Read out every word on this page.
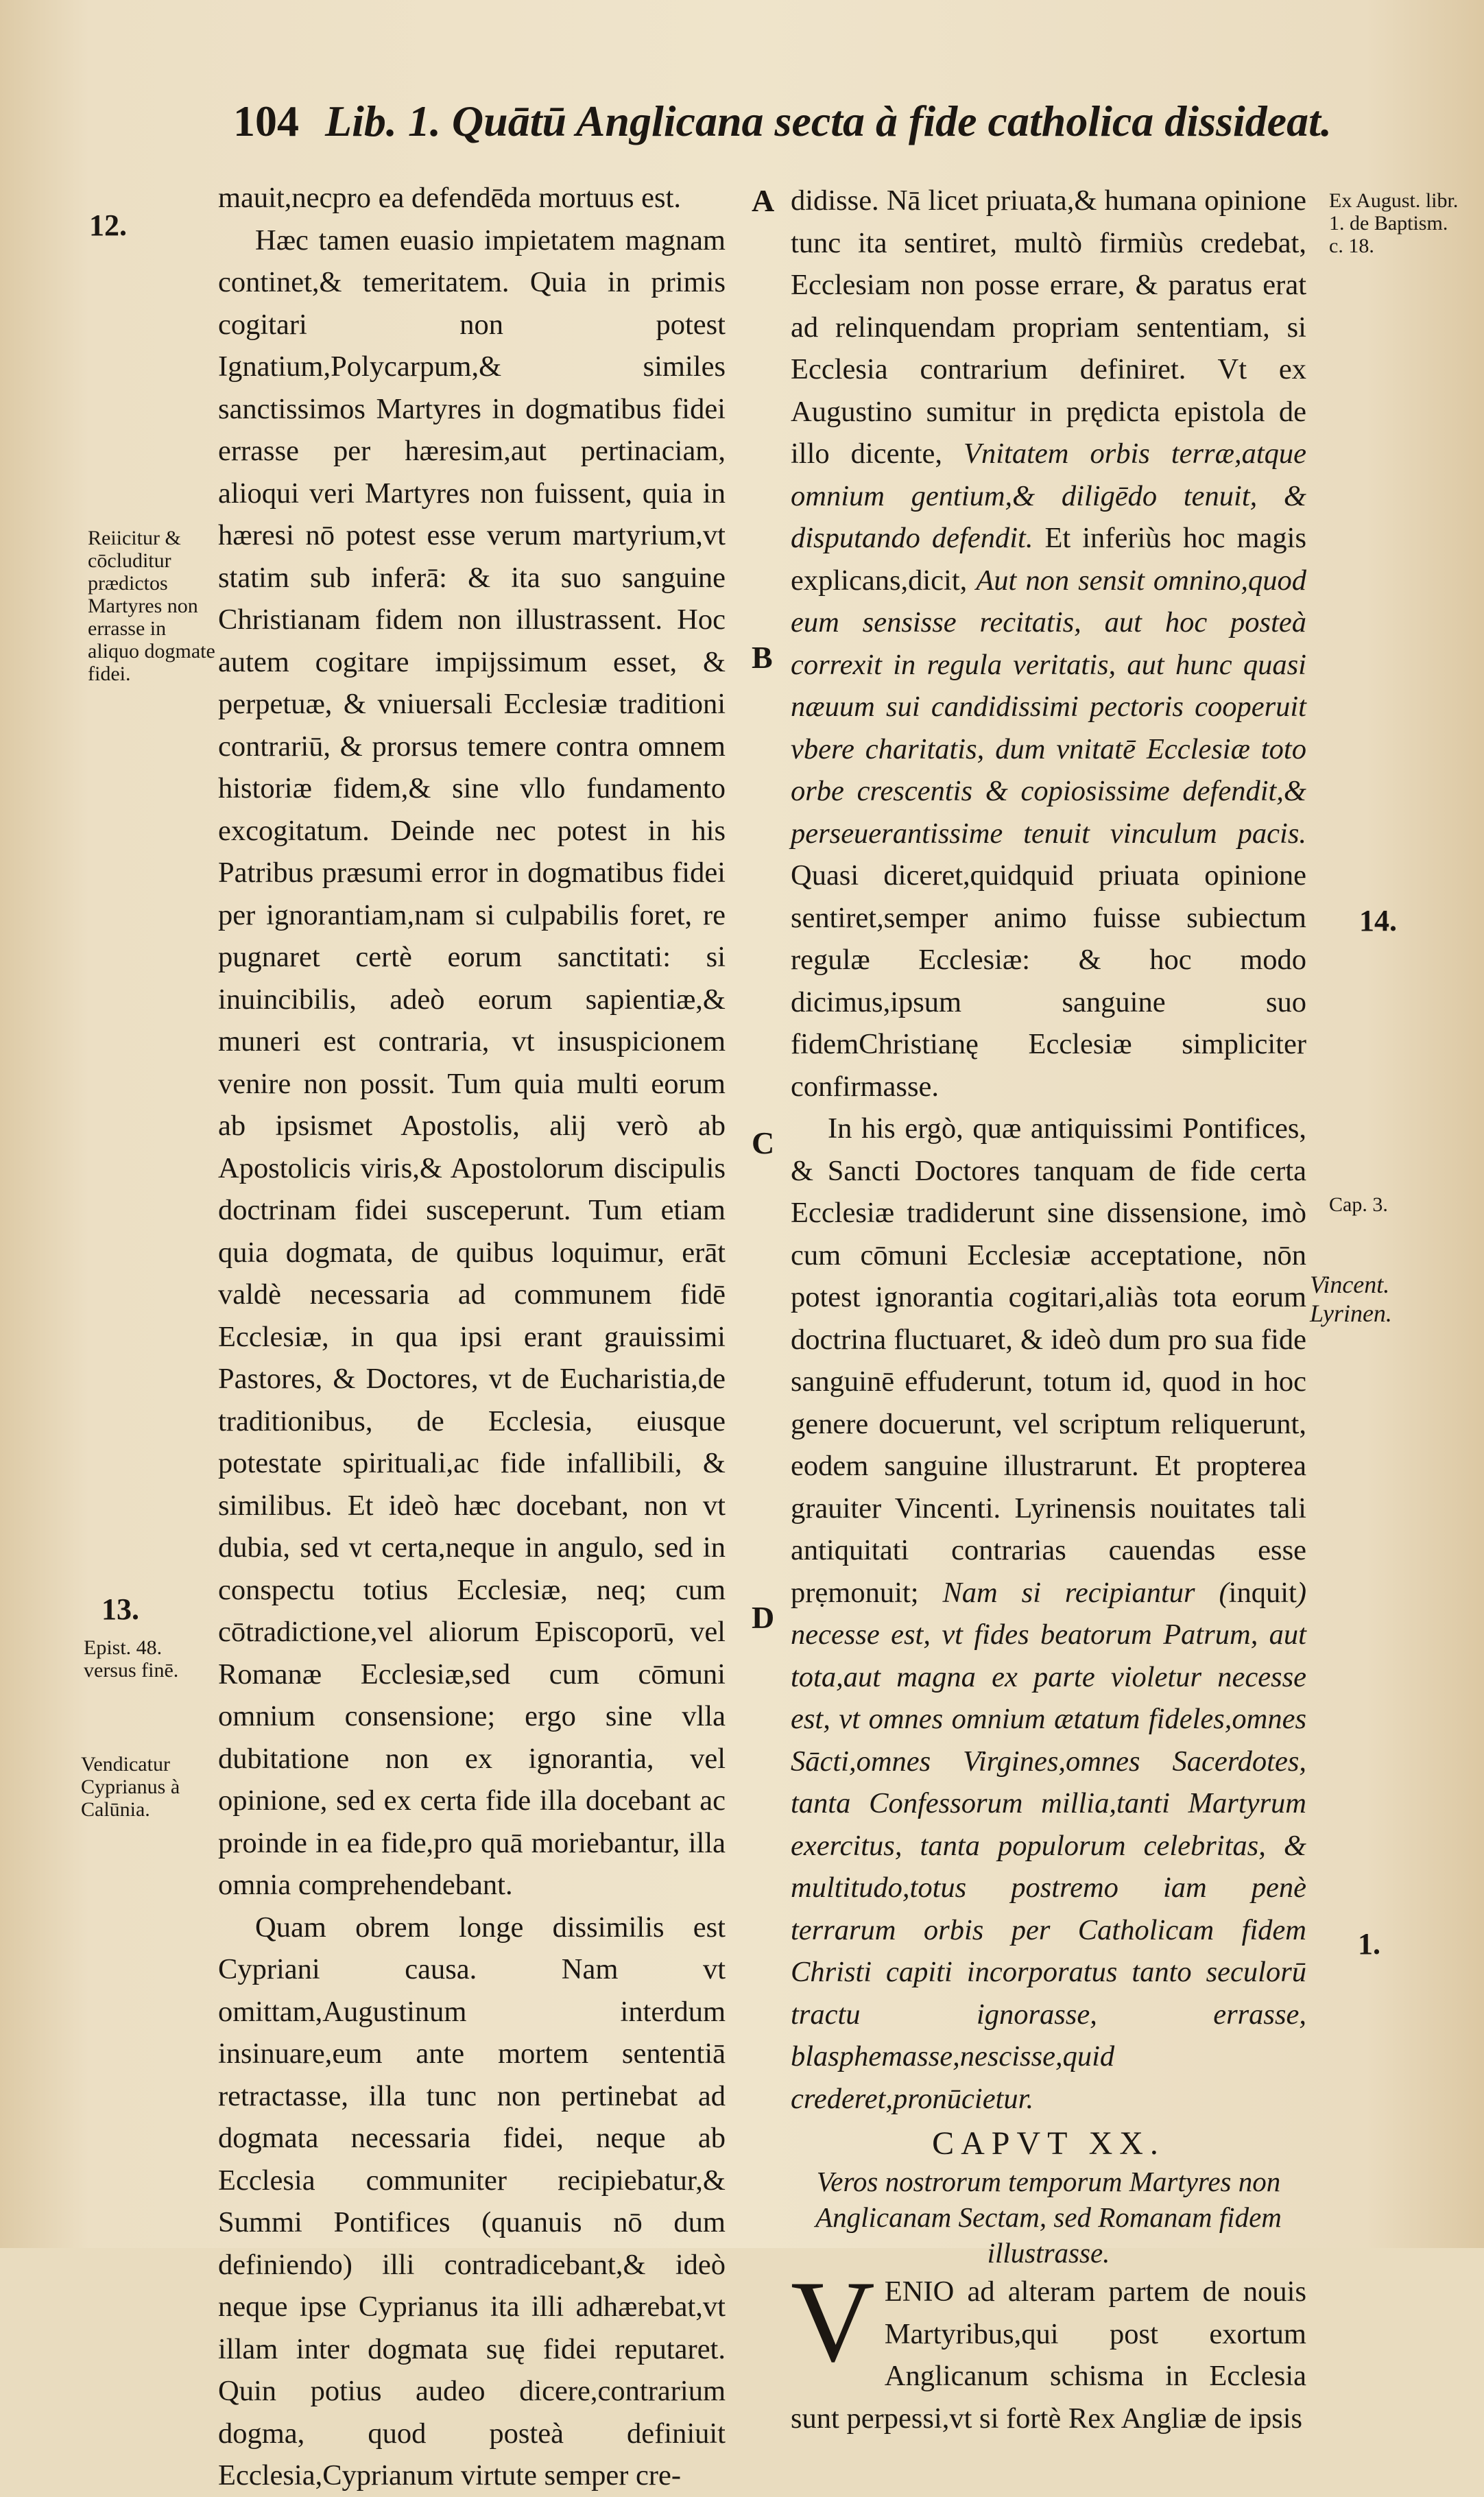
104 Lib. 1. Quātū Anglicana secta à fide catholica dissideat.
12.
Reiicitur & cōcluditur prædictos Martyres non errasse in aliquo dogmate fidei.
13.
Epist. 48. versus finē.
Vendicatur Cyprianus à Calūnia.
A
B
C
D

mauit,necpro ea defendēda mortuus est.

Hæc tamen euasio impietatem magnam continet,& temeritatem. Quia in primis cogitari non potest Ignatium,Polycarpum,& similes sanctissimos Martyres in dogmatibus fidei errasse per hæresim,aut pertinaciam, alioqui veri Martyres non fuissent, quia in hæresi nō potest esse verum martyrium,vt statim sub inferā: & ita suo sanguine Christianam fidem non illustrassent. Hoc autem cogitare impijssimum esset, & perpetuæ, & vniuersali Ecclesiæ traditioni contrariū, & prorsus temere contra omnem historiæ fidem,& sine vllo fundamento excogitatum. Deinde nec potest in his Patribus præsumi error in dogmatibus fidei per ignorantiam,nam si culpabilis foret, re pugnaret certè eorum sanctitati: si inuincibilis, adeò eorum sapientiæ,& muneri est contraria, vt insuspicionem venire non possit. Tum quia multi eorum ab ipsismet Apostolis, alij verò ab Apostolicis viris,& Apostolorum discipulis doctrinam fidei susceperunt. Tum etiam quia dogmata, de quibus loquimur, erāt valdè necessaria ad communem fidē Ecclesiæ, in qua ipsi erant grauissimi Pastores, & Doctores, vt de Eucharistia,de traditionibus, de Ecclesia, eiusque potestate spirituali,ac fide infallibili, & similibus. Et ideò hæc docebant, non vt dubia, sed vt certa,neque in angulo, sed in conspectu totius Ecclesiæ, neq; cum cōtradictione,vel aliorum Episcoporū, vel Romanæ Ecclesiæ,sed cum cōmuni omnium consensione; ergo sine vlla dubitatione non ex ignorantia, vel opinione, sed ex certa fide illa docebant ac proinde in ea fide,pro quā moriebantur, illa omnia comprehendebant.

Quam obrem longe dissimilis est Cypriani causa. Nam vt omittam,Augustinum interdum insinuare,eum ante mortem sententiā retractasse, illa tunc non pertinebat ad dogmata necessaria fidei, neque ab Ecclesia communiter recipiebatur,& Summi Pontifices (quanuis nō dum definiendo) illi contradicebant,& ideò neque ipse Cyprianus ita illi adhærebat,vt illam inter dogmata suę fidei reputaret. Quin potius audeo dicere,contrarium dogma, quod posteà definiuit Ecclesia,Cyprianum virtute semper cre-

didisse. Nā licet priuata,& humana opinione tunc ita sentiret, multò firmiùs credebat, Ecclesiam non posse errare, & paratus erat ad relinquendam propriam sententiam, si Ecclesia contrarium definiret. Vt ex Augustino sumitur in prędicta epistola de illo dicente, Vnitatem orbis terræ,atque omnium gentium,& diligēdo tenuit, & disputando defendit. Et inferiùs hoc magis explicans,dicit, Aut non sensit omnino,quod eum sensisse recitatis, aut hoc posteà correxit in regula veritatis, aut hunc quasi næuum sui candidissimi pectoris cooperuit vbere charitatis, dum vnitatē Ecclesiæ toto orbe crescentis & copiosissime defendit,& perseuerantissime tenuit vinculum pacis. Quasi diceret,quidquid priuata opinione sentiret,semper animo fuisse subiectum regulæ Ecclesiæ: & hoc modo dicimus,ipsum sanguine suo fidemChristianę Ecclesiæ simpliciter confirmasse.

In his ergò, quæ antiquissimi Pontifices, & Sancti Doctores tanquam de fide certa Ecclesiæ tradiderunt sine dissensione, imò cum cōmuni Ecclesiæ acceptatione, nōn potest ignorantia cogitari,aliàs tota eorum doctrina fluctuaret, & ideò dum pro sua fide sanguinē effuderunt, totum id, quod in hoc genere docuerunt, vel scriptum reliquerunt, eodem sanguine illustrarunt. Et propterea grauiter Vincenti. Lyrinensis nouitates tali antiquitati contrarias cauendas esse prẹmonuit; Nam si recipiantur (inquit) necesse est, vt fides beatorum Patrum, aut tota,aut magna ex parte violetur necesse est, vt omnes omnium ætatum fideles,omnes Sācti,omnes Virgines,omnes Sacerdotes, tanta Confessorum millia,tanti Martyrum exercitus, tanta populorum celebritas, & multitudo,totus postremo iam penè terrarum orbis per Catholicam fidem Christi capiti incorporatus tanto seculorū tractu ignorasse, errasse, blasphemasse,nescisse,quid crederet,pronūcietur.

CAPVT XX.
Veros nostrorum temporum Martyres non Anglicanam Sectam, sed Romanam fidem illustrasse.

V ENIO ad alteram partem de nouis Martyribus,qui post exortum Anglicanum schisma in Ecclesia sunt perpessi,vt si fortè Rex Angliæ de ipsis

Ex August. libr. 1. de Baptism. c. 18.
14.
Cap. 3.
Vincent. Lyrinen.
1.
